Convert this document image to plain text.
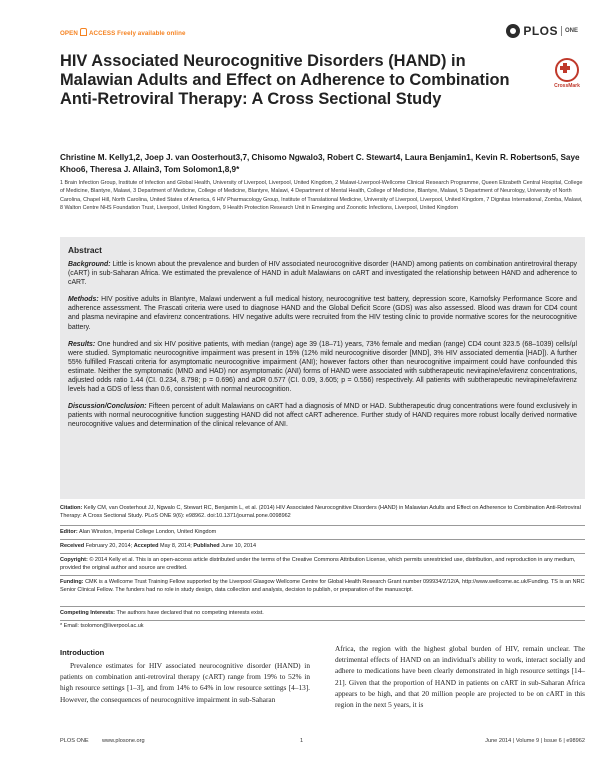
OPEN ACCESS Freely available online	PLOS ONE
HIV Associated Neurocognitive Disorders (HAND) in Malawian Adults and Effect on Adherence to Combination Anti-Retroviral Therapy: A Cross Sectional Study
CrossMark

Christine M. Kelly1,2, Joep J. van Oosterhout3,7, Chisomo Ngwalo3, Robert C. Stewart4, Laura Benjamin1, Kevin R. Robertson5, Saye Khoo6, Theresa J. Allain3, Tom Solomon1,8,9*

1 Brain Infection Group, Institute of Infection and Global Health, University of Liverpool, Liverpool, United Kingdom, 2 Malawi-Liverpool-Wellcome Clinical Research Programme, Queen Elizabeth Central Hospital, College of Medicine, Blantyre, Malawi, 3 Department of Medicine, College of Medicine, Blantyre, Malawi, 4 Department of Mental Health, College of Medicine, Blantyre, Malawi, 5 Department of Neurology, University of North Carolina, Chapel Hill, North Carolina, United States of America, 6 HIV Pharmacology Group, Institute of Translational Medicine, University of Liverpool, Liverpool, United Kingdom, 7 Dignitas International, Zomba, Malawi, 8 Walton Centre NHS Foundation Trust, Liverpool, United Kingdom, 9 Health Protection Research Unit in Emerging and Zoonotic Infections, Liverpool, United Kingdom

Abstract

Background: Little is known about the prevalence and burden of HIV associated neurocognitive disorder (HAND) among patients on combination antiretroviral therapy (cART) in sub-Saharan Africa. We estimated the prevalence of HAND in adult Malawians on cART and investigated the relationship between HAND and adherence to cART.

Methods: HIV positive adults in Blantyre, Malawi underwent a full medical history, neurocognitive test battery, depression score, Karnofsky Performance Score and adherence assessment. The Frascati criteria were used to diagnose HAND and the Global Deficit Score (GDS) was also assessed. Blood was drawn for CD4 count and plasma nevirapine and efavirenz concentrations. HIV negative adults were recruited from the HIV testing clinic to provide normative scores for the neurocognitive battery.

Results: One hundred and six HIV positive patients, with median (range) age 39 (18–71) years, 73% female and median (range) CD4 count 323.5 (68–1039) cells/μl were studied. Symptomatic neurocognitive impairment was present in 15% (12% mild neurocognitive disorder [MND], 3% HIV associated dementia [HAD]). A further 55% fulfilled Frascati criteria for asymptomatic neurocognitive impairment (ANI); however factors other than neurocognitive impairment could have confounded this estimate. Neither the symptomatic (MND and HAD) nor asymptomatic (ANI) forms of HAND were associated with subtherapeutic nevirapine/efavirenz concentrations, adjusted odds ratio 1.44 (CI. 0.234, 8.798; p = 0.696) and aOR 0.577 (CI. 0.09, 3.605; p = 0.556) respectively. All patients with subtherapeutic nevirapine/efavirenz levels had a GDS of less than 0.6, consistent with normal neurocognition.

Discussion/Conclusion: Fifteen percent of adult Malawians on cART had a diagnosis of MND or HAD. Subtherapeutic drug concentrations were found exclusively in patients with normal neurocognitive function suggesting HAND did not affect cART adherence. Further study of HAND requires more robust locally derived normative neurocognitive values and determination of the clinical relevance of ANI.

Citation: Kelly CM, van Oosterhout JJ, Ngwalo C, Stewart RC, Benjamin L, et al. (2014) HIV Associated Neurocognitive Disorders (HAND) in Malawian Adults and Effect on Adherence to Combination Anti-Retroviral Therapy: A Cross Sectional Study. PLoS ONE 9(6): e98962. doi:10.1371/journal.pone.0098962

Editor: Alan Winston, Imperial College London, United Kingdom

Received February 20, 2014; Accepted May 8, 2014; Published June 10, 2014

Copyright: © 2014 Kelly et al. This is an open-access article distributed under the terms of the Creative Commons Attribution License, which permits unrestricted use, distribution, and reproduction in any medium, provided the original author and source are credited.

Funding: CMK is a Wellcome Trust Training Fellow supported by the Liverpool Glasgow Wellcome Centre for Global Health Research Grant number 099934/Z/12/A, http://www.wellcome.ac.uk/Funding. TS is an NRC Senior Clinical Fellow. The funders had no role in study design, data collection and analysis, decision to publish, or preparation of the manuscript.

Competing Interests: The authors have declared that no competing interests exist.

* Email: tsolomon@liverpool.ac.uk

Introduction

Prevalence estimates for HIV associated neurocognitive disorder (HAND) in patients on combination anti-retroviral therapy (cART) range from 19% to 52% in high resource settings [1–3], and from 14% to 64% in low resource settings [4–13]. However, the consequences of neurocognitive impairment in sub-Saharan

Africa, the region with the highest global burden of HIV, remain unclear. The detrimental effects of HAND on an individual's ability to work, interact socially and adhere to medications have been clearly demonstrated in high resource settings [14–21]. Given that the proportion of HAND in patients on cART in sub-Saharan Africa appears to be high, and that 20 million people are projected to be on cART in this region in the next 5 years, it is

PLOS ONE www.plosone.org	1	June 2014 | Volume 9 | Issue 6 | e98962
